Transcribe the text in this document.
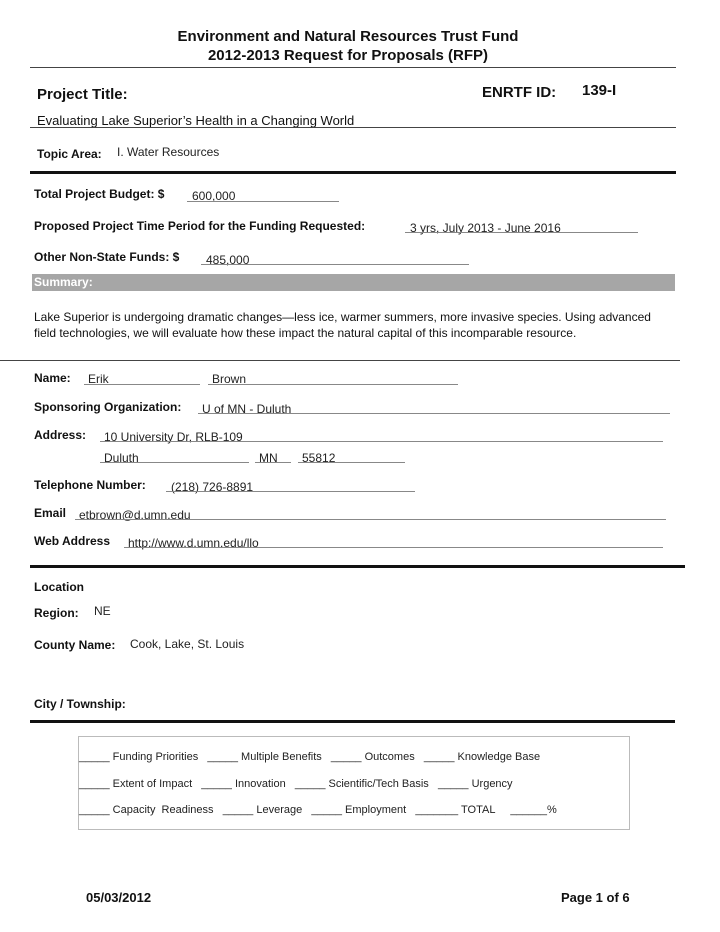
Environment and Natural Resources Trust Fund
2012-2013 Request for Proposals (RFP)
Project Title:	ENRTF ID: 139-I
Evaluating Lake Superior’s Health in a Changing World
Topic Area: I. Water Resources
Total Project Budget: $ 600,000
Proposed Project Time Period for the Funding Requested:	3 yrs, July 2013 - June 2016
Other Non-State Funds: $ 485,000
Summary:
Lake Superior is undergoing dramatic changes—less ice, warmer summers, more invasive species. Using advanced field technologies, we will evaluate how these impact the natural capital of this incomparable resource.
Name: Erik	Brown
Sponsoring Organization: U of MN - Duluth
Address: 10 University Dr, RLB-109
Duluth	MN 55812
Telephone Number: (218) 726-8891
Email etbrown@d.umn.edu
Web Address http://www.d.umn.edu/llo
Location
Region: NE
County Name: Cook, Lake, St. Louis
City / Township:
_____ Funding Priorities   _____ Multiple Benefits   _____ Outcomes   _____ Knowledge Base
_____ Extent of Impact   _____ Innovation   _____ Scientific/Tech Basis   _____ Urgency
_____ Capacity  Readiness   _____ Leverage   _____ Employment   _______ TOTAL     ______%
05/03/2012	Page 1 of 6
